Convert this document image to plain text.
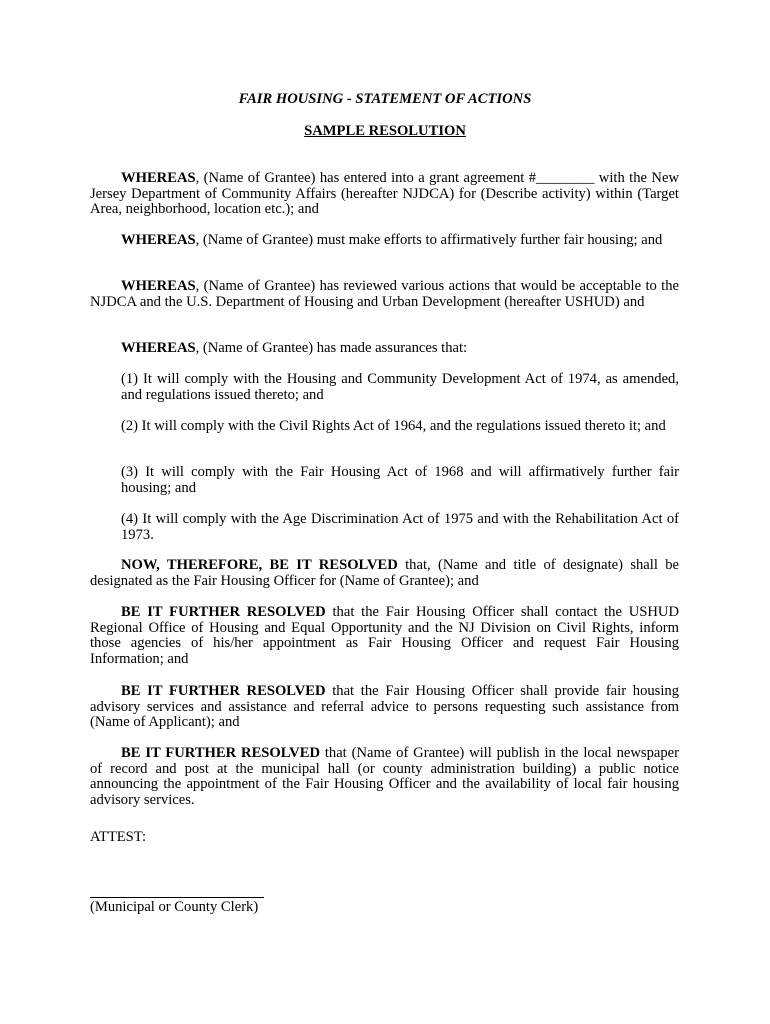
FAIR HOUSING - STATEMENT OF ACTIONS
SAMPLE RESOLUTION

WHEREAS, (Name of Grantee) has entered into a grant agreement #________ with the New Jersey Department of Community Affairs (hereafter NJDCA) for (Describe activity) within (Target Area, neighborhood, location etc.); and

WHEREAS, (Name of Grantee) must make efforts to affirmatively further fair housing; and

WHEREAS, (Name of Grantee) has reviewed various actions that would be acceptable to the NJDCA and the U.S. Department of Housing and Urban Development (hereafter USHUD) and

WHEREAS, (Name of Grantee) has made assurances that:

(1) It will comply with the Housing and Community Development Act of 1974, as amended, and regulations issued thereto; and

(2) It will comply with the Civil Rights Act of 1964, and the regulations issued thereto it; and

(3) It will comply with the Fair Housing Act of 1968 and will affirmatively further fair housing; and

(4) It will comply with the Age Discrimination Act of 1975 and with the Rehabilitation Act of 1973.

NOW, THEREFORE, BE IT RESOLVED that, (Name and title of designate) shall be designated as the Fair Housing Officer for (Name of Grantee); and

BE IT FURTHER RESOLVED that the Fair Housing Officer shall contact the USHUD Regional Office of Housing and Equal Opportunity and the NJ Division on Civil Rights, inform those agencies of his/her appointment as Fair Housing Officer and request Fair Housing Information; and

BE IT FURTHER RESOLVED that the Fair Housing Officer shall provide fair housing advisory services and assistance and referral advice to persons requesting such assistance from (Name of Applicant); and

BE IT FURTHER RESOLVED that (Name of Grantee) will publish in the local newspaper of record and post at the municipal hall (or county administration building) a public notice announcing the appointment of the Fair Housing Officer and the availability of local fair housing advisory services.

ATTEST:

(Municipal or County Clerk)
